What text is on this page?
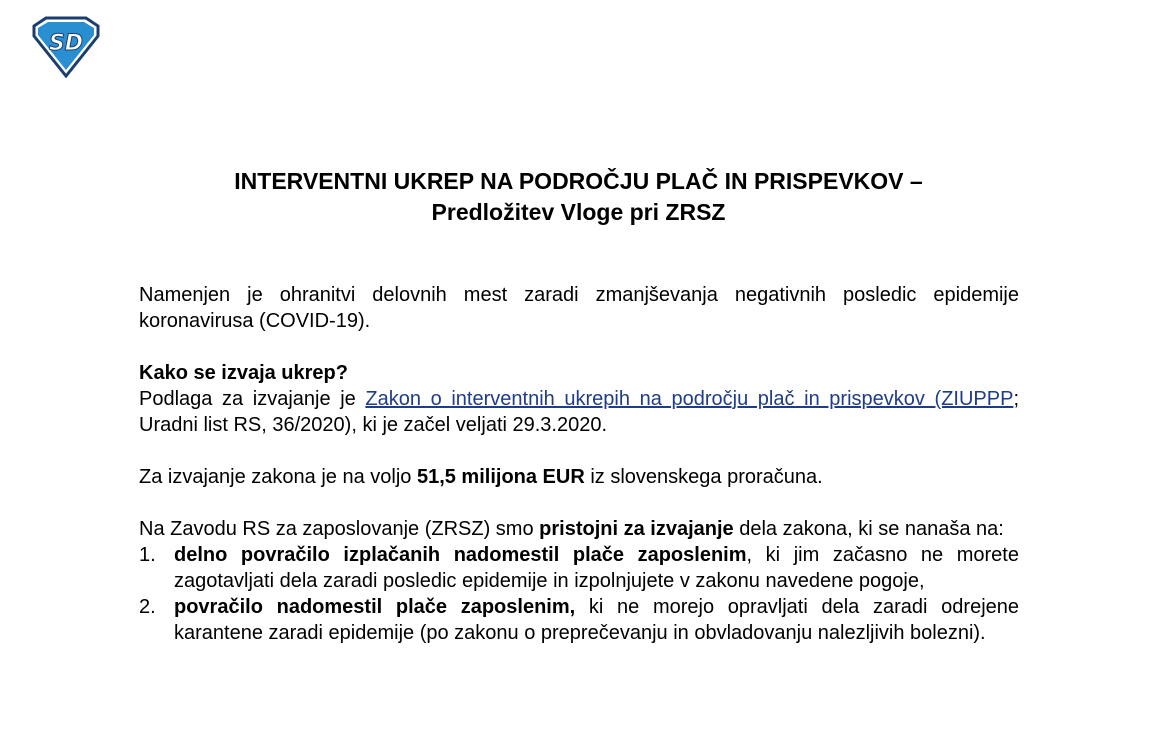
SD
INTERVENTNI UKREP NA PODROČJU PLAČ IN PRISPEVKOV –
Predložitev Vloge pri ZRSZ

Namenjen je ohranitvi delovnih mest zaradi zmanjševanja negativnih posledic epidemije koronavirusa (COVID-19).

Kako se izvaja ukrep?

Podlaga za izvajanje je Zakon o interventnih ukrepih na področju plač in prispevkov (ZIUPPP; Uradni list RS, 36/2020), ki je začel veljati 29.3.2020.

Za izvajanje zakona je na voljo 51,5 milijona EUR iz slovenskega proračuna.

Na Zavodu RS za zaposlovanje (ZRSZ) smo pristojni za izvajanje dela zakona, ki se nanaša na:

1. delno povračilo izplačanih nadomestil plače zaposlenim, ki jim začasno ne morete zagotavljati dela zaradi posledic epidemije in izpolnjujete v zakonu navedene pogoje,
2. povračilo nadomestil plače zaposlenim, ki ne morejo opravljati dela zaradi odrejene karantene zaradi epidemije (po zakonu o preprečevanju in obvladovanju nalezljivih bolezni).
